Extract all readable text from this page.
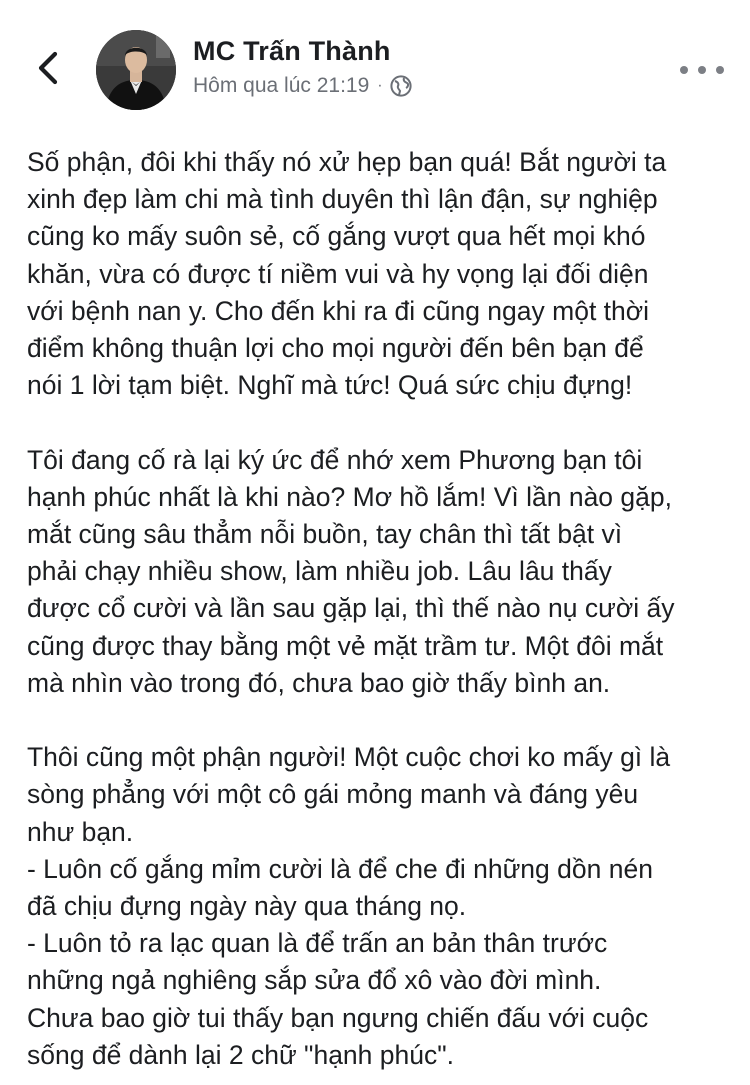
MC Trấn Thành
Hôm qua lúc 21:19 ·

Số phận, đôi khi thấy nó xử hẹp bạn quá! Bắt người ta
xinh đẹp làm chi mà tình duyên thì lận đận, sự nghiệp
cũng ko mấy suôn sẻ, cố gắng vượt qua hết mọi khó
khăn, vừa có được tí niềm vui và hy vọng lại đối diện
với bệnh nan y. Cho đến khi ra đi cũng ngay một thời
điểm không thuận lợi cho mọi người đến bên bạn để
nói 1 lời tạm biệt. Nghĩ mà tức! Quá sức chịu đựng!

Tôi đang cố rà lại ký ức để nhớ xem Phương bạn tôi
hạnh phúc nhất là khi nào? Mơ hồ lắm! Vì lần nào gặp,
mắt cũng sâu thẳm nỗi buồn, tay chân thì tất bật vì
phải chạy nhiều show, làm nhiều job. Lâu lâu thấy
được cổ cười và lần sau gặp lại, thì thế nào nụ cười ấy
cũng được thay bằng một vẻ mặt trầm tư. Một đôi mắt
mà nhìn vào trong đó, chưa bao giờ thấy bình an.

Thôi cũng một phận người! Một cuộc chơi ko mấy gì là
sòng phẳng với một cô gái mỏng manh và đáng yêu
như bạn.
- Luôn cố gắng mỉm cười là để che đi những dồn nén
đã chịu đựng ngày này qua tháng nọ.
- Luôn tỏ ra lạc quan là để trấn an bản thân trước
những ngả nghiêng sắp sửa đổ xô vào đời mình.
Chưa bao giờ tui thấy bạn ngưng chiến đấu với cuộc
sống để dành lại 2 chữ "hạnh phúc".
